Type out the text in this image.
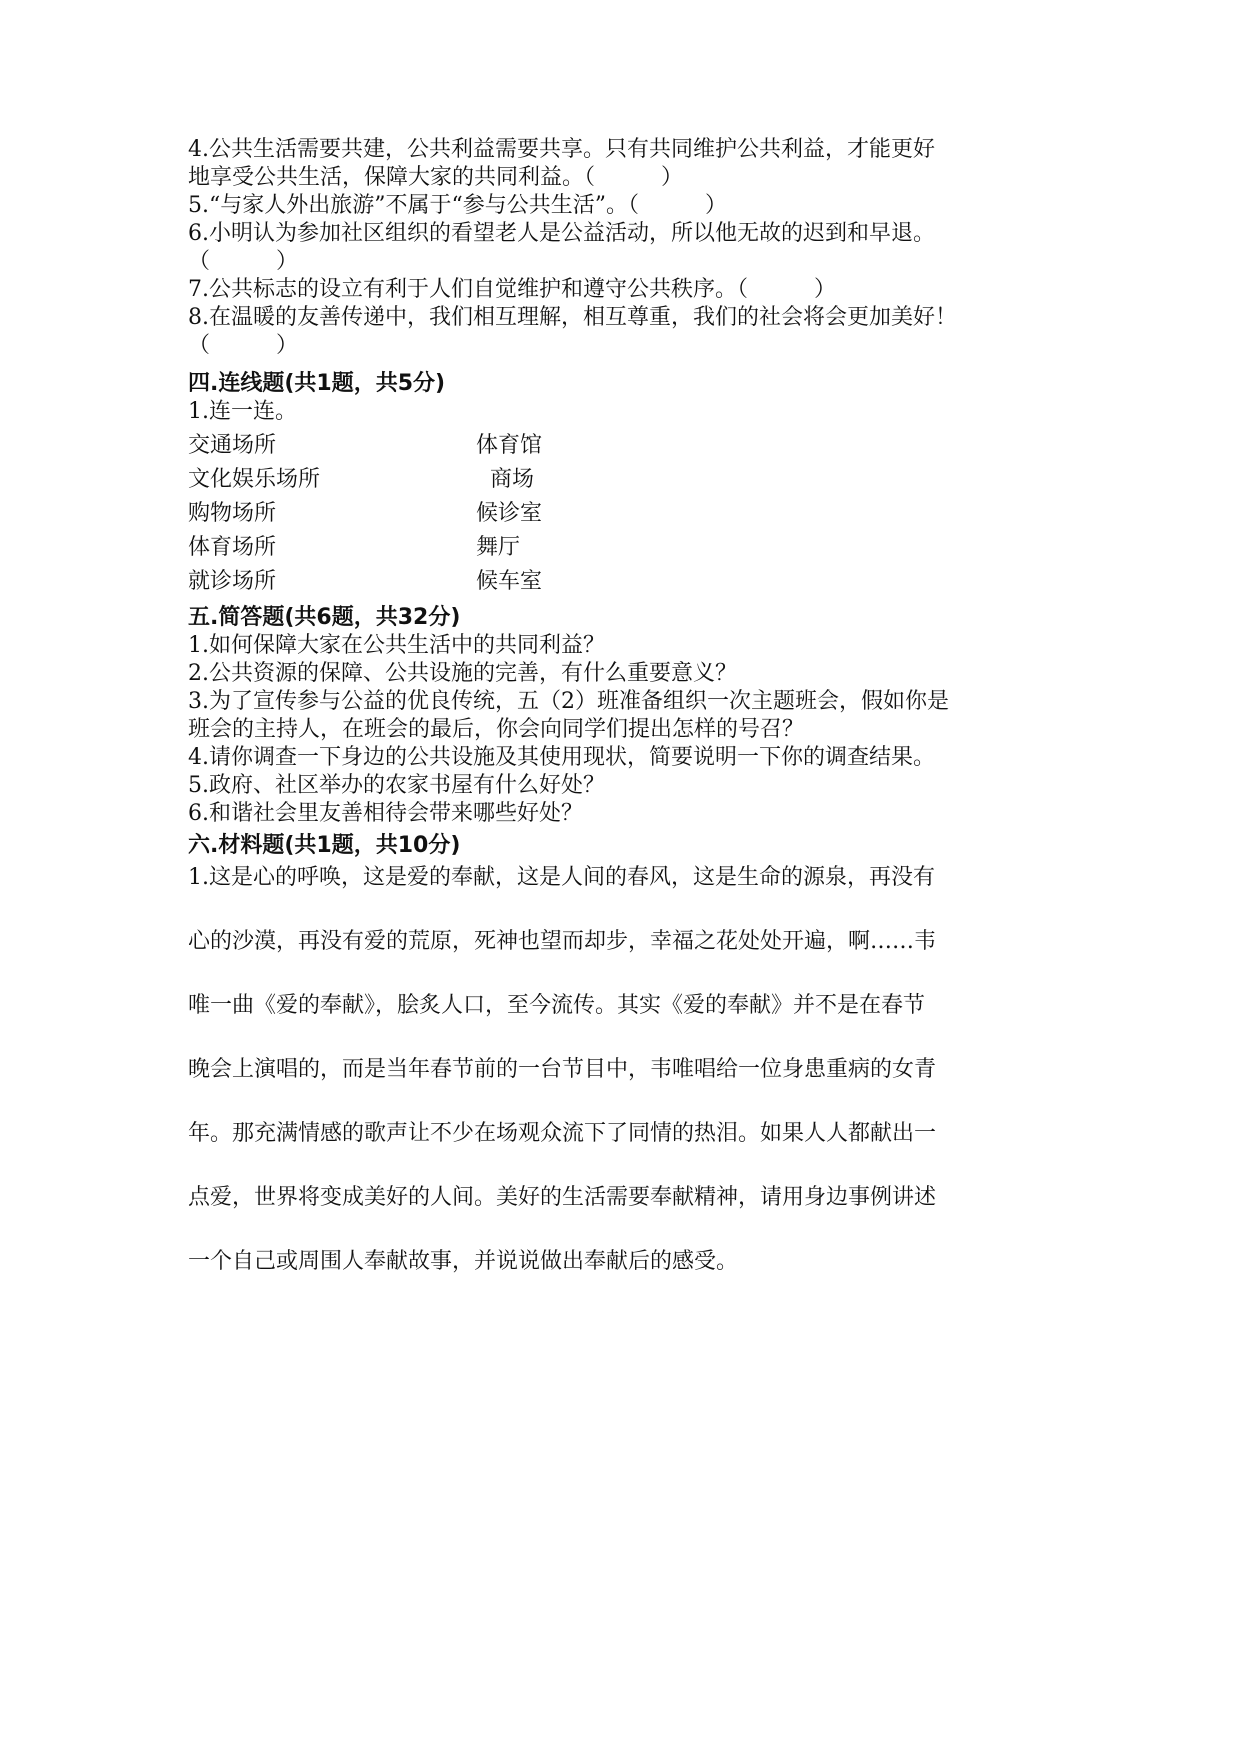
4.公共生活需要共建，公共利益需要共享。只有共同维护公共利益，才能更好
地享受公共生活，保障大家的共同利益。（　　　）
5.“与家人外出旅游”不属于“参与公共生活”。（　　　）
6.小明认为参加社区组织的看望老人是公益活动，所以他无故的迟到和早退。
（　　　）
7.公共标志的设立有利于人们自觉维护和遵守公共秩序。（　　　）
8.在温暖的友善传递中，我们相互理解，相互尊重，我们的社会将会更加美好！
（　　　）
四.连线题(共1题，共5分)
1.连一连。
交通场所	体育馆
文化娱乐场所	商场
购物场所	候诊室
体育场所	舞厅
就诊场所	候车室
五.简答题(共6题，共32分)
1.如何保障大家在公共生活中的共同利益？
2.公共资源的保障、公共设施的完善，有什么重要意义？
3.为了宣传参与公益的优良传统，五（2）班准备组织一次主题班会，假如你是
班会的主持人，在班会的最后，你会向同学们提出怎样的号召？
4.请你调查一下身边的公共设施及其使用现状，简要说明一下你的调查结果。
5.政府、社区举办的农家书屋有什么好处？
6.和谐社会里友善相待会带来哪些好处？
六.材料题(共1题，共10分)
1.这是心的呼唤，这是爱的奉献，这是人间的春风，这是生命的源泉，再没有
心的沙漠，再没有爱的荒原，死神也望而却步，幸福之花处处开遍，啊……韦
唯一曲《爱的奉献》，脍炙人口，至今流传。其实《爱的奉献》并不是在春节
晚会上演唱的，而是当年春节前的一台节目中，韦唯唱给一位身患重病的女青
年。那充满情感的歌声让不少在场观众流下了同情的热泪。如果人人都献出一
点爱，世界将变成美好的人间。美好的生活需要奉献精神，请用身边事例讲述
一个自己或周围人奉献故事，并说说做出奉献后的感受。
